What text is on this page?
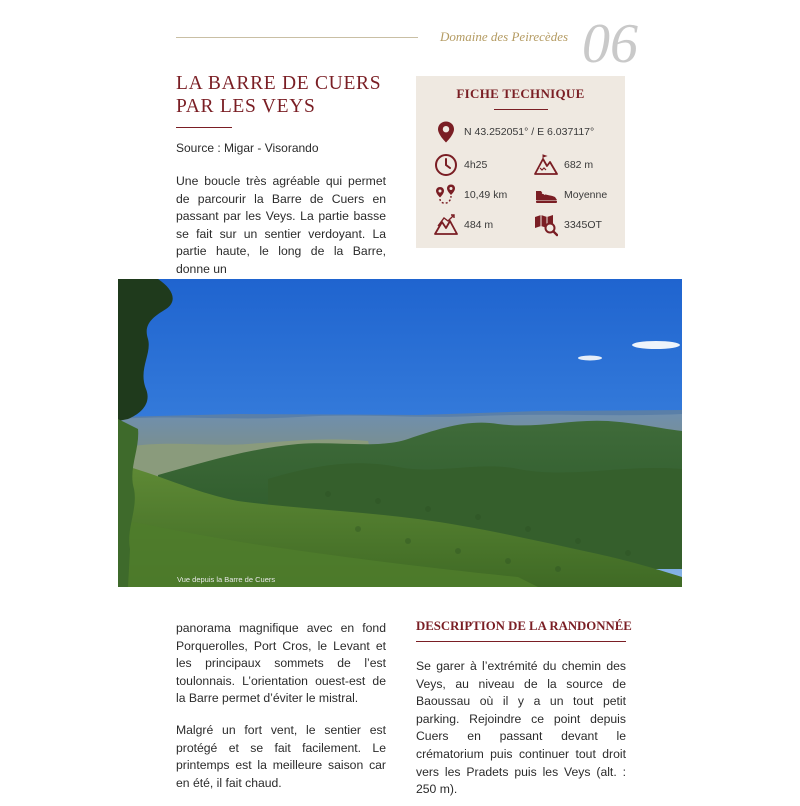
Domaine des Peirecèdes 06
LA BARRE DE CUERS
PAR LES VEYS
Source : Migar - Visorando
Une boucle très agréable qui permet de parcourir la Barre de Cuers en passant par les Veys. La partie basse se fait sur un sentier verdoyant. La partie haute, le long de la Barre, donne un
FICHE TECHNIQUE
N 43.252051° / E 6.037117°
4h25	682 m
10,49 km	Moyenne
484 m	3345OT
Vue depuis la Barre de Cuers

panorama magnifique avec en fond Porquerolles, Port Cros, le Levant et les principaux sommets de l’est toulonnais. L’orientation ouest-est de la Barre permet d’éviter le mistral.

Malgré un fort vent, le sentier est protégé et se fait facilement. Le printemps est la meilleure saison car en été, il fait chaud.

DESCRIPTION DE LA RANDONNÉE
Se garer à l’extrémité du chemin des Veys, au niveau de la source de Baoussau où il y a un tout petit parking. Rejoindre ce point depuis Cuers en passant devant le crématorium puis continuer tout droit vers les Pradets puis les Veys (alt. : 250 m).
